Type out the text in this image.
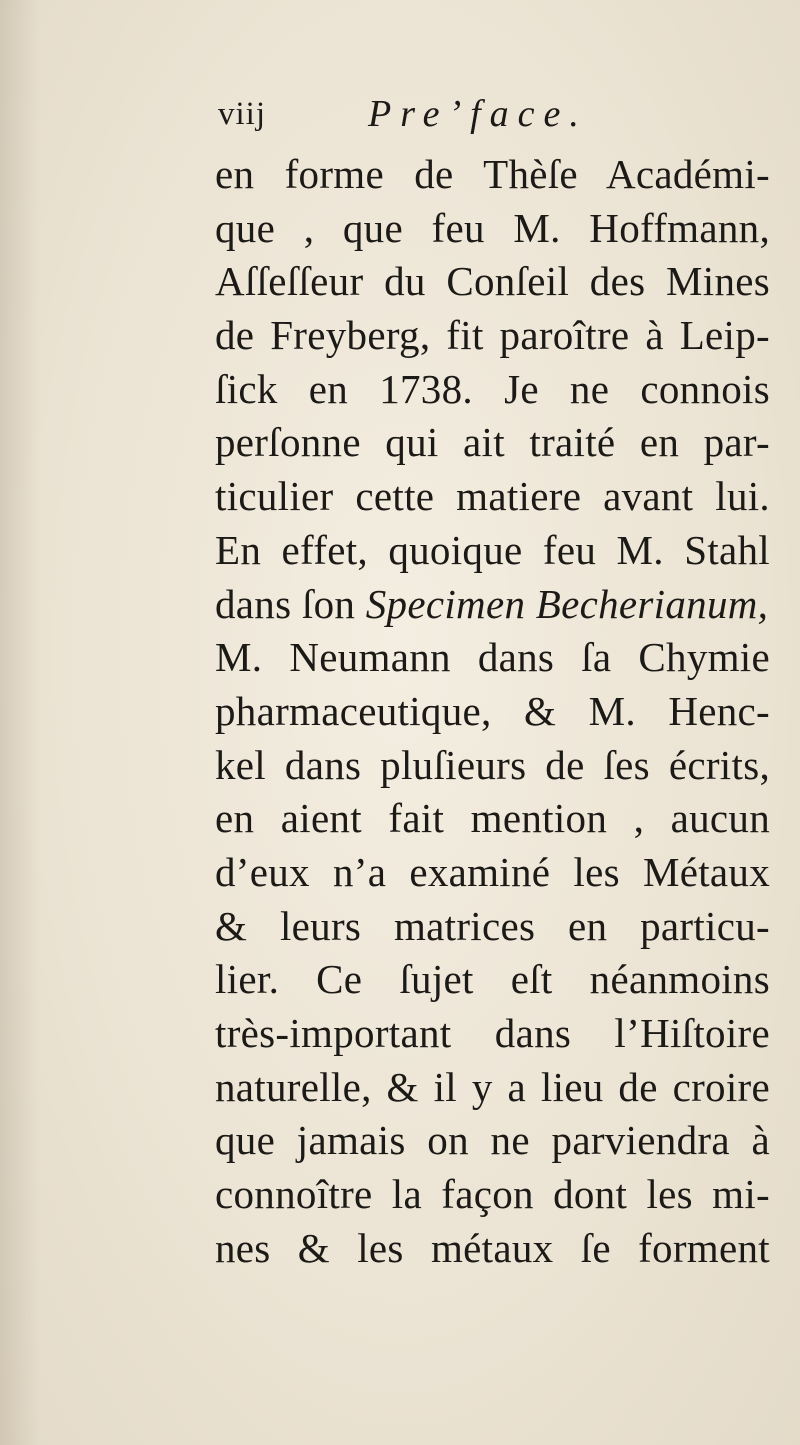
viij	Pre’face.
en forme de Thèſe Académi-
que , que feu M. Hoffmann,
Aſſeſſeur du Conſeil des Mines
de Freyberg, fit paroître à Leip-
ſick en 1738. Je ne connois
perſonne qui ait traité en par-
ticulier cette matiere avant lui.
En effet, quoique feu M. Stahl
dans ſon Specimen Becherianum,
M. Neumann dans ſa Chymie
pharmaceutique, & M. Henc-
kel dans pluſieurs de ſes écrits,
en aient fait mention , aucun
d’eux n’a examiné les Métaux
& leurs matrices en particu-
lier. Ce ſujet eſt néanmoins
très-important dans l’Hiſtoire
naturelle, & il y a lieu de croire
que jamais on ne parviendra à
connoître la façon dont les mi-
nes & les métaux ſe forment
